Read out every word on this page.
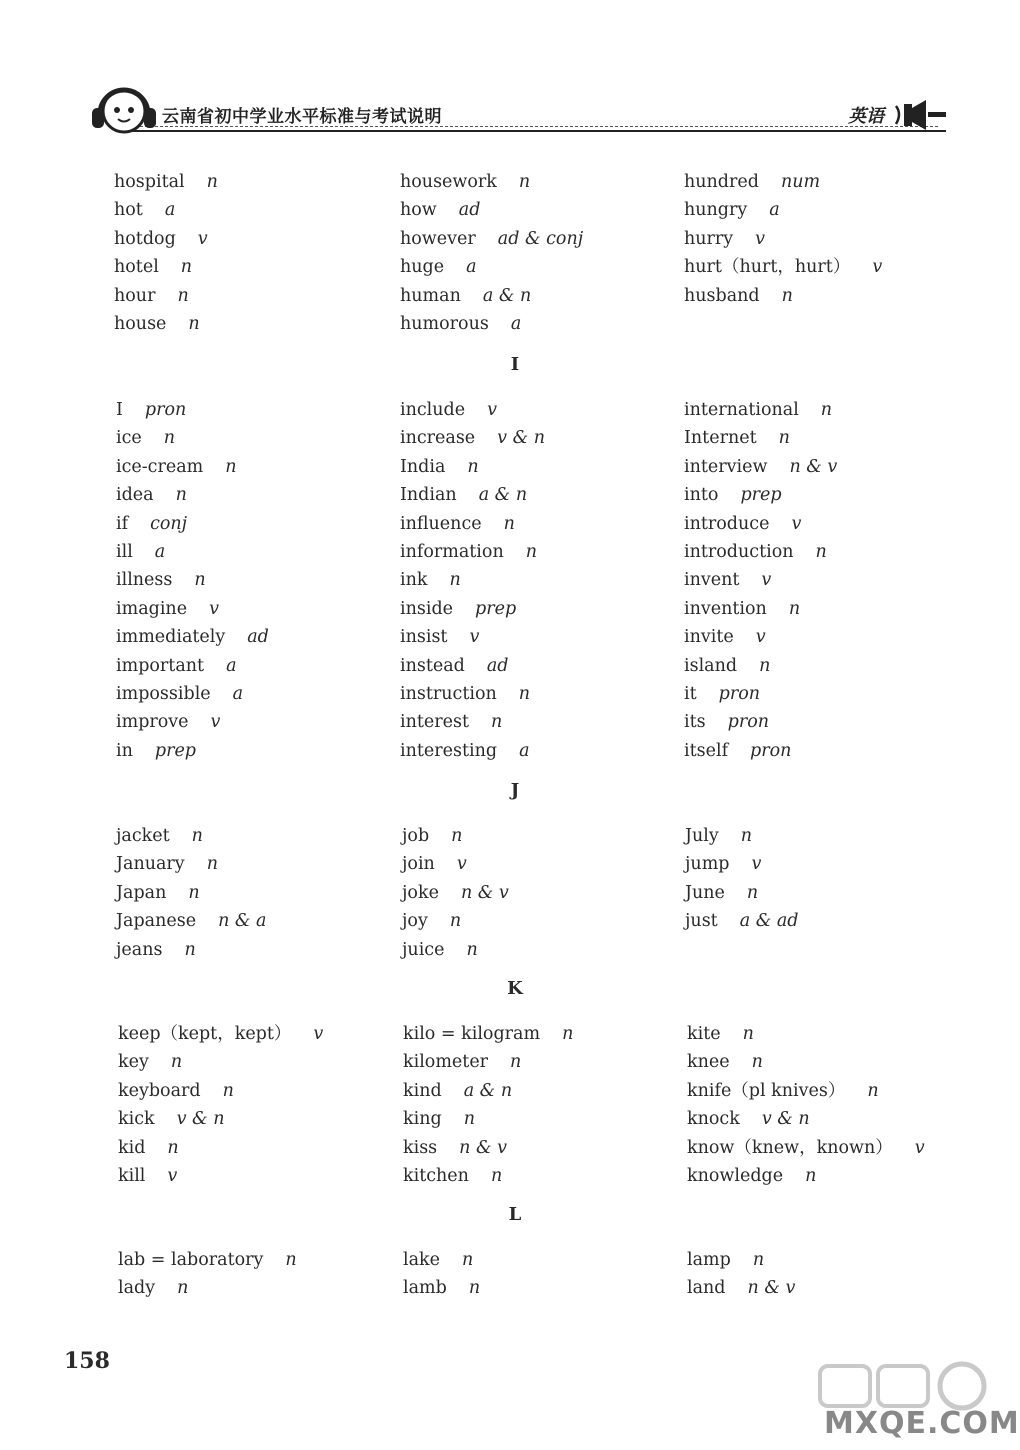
云南省初中学业水平标准与考试说明	英语
hospital n
hot a
hotdog v
hotel n
hour n
house n
housework n
how ad
however ad & conj
huge a
human a & n
humorous a
hundred num
hungry a
hurry v
hurt（hurt，hurt） v
husband n
I
I pron
ice n
ice-cream n
idea n
if conj
ill a
illness n
imagine v
immediately ad
important a
impossible a
improve v
in prep
include v
increase v & n
India n
Indian a & n
influence n
information n
ink n
inside prep
insist v
instead ad
instruction n
interest n
interesting a
international n
Internet n
interview n & v
into prep
introduce v
introduction n
invent v
invention n
invite v
island n
it pron
its pron
itself pron
J
jacket n
January n
Japan n
Japanese n & a
jeans n
job n
join v
joke n & v
joy n
juice n
July n
jump v
June n
just a & ad
K
keep（kept，kept） v
key n
keyboard n
kick v & n
kid n
kill v
kilo = kilogram n
kilometer n
kind a & n
king n
kiss n & v
kitchen n
kite n
knee n
knife（pl knives） n
knock v & n
know（knew，known） v
knowledge n
L
lab = laboratory n
lady n
lake n
lamb n
lamp n
land n & v
158
MXQE.COM
